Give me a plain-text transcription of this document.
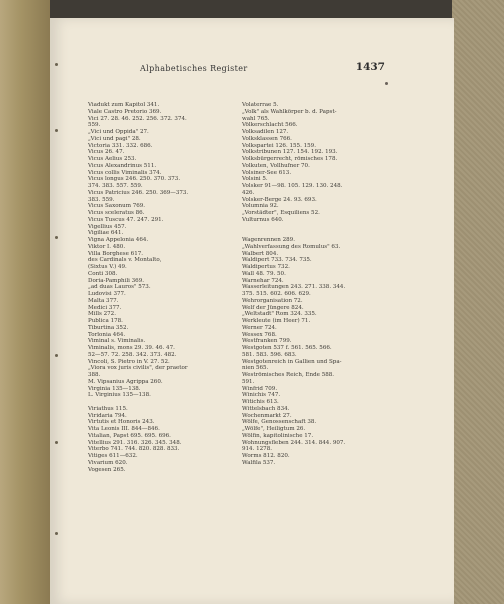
Alphabetisches Register	1437
Viadukt zum Kapitol 341.
Viale Castro Pretorio 369.
Vici 27. 28. 46. 252. 256. 372. 374.
559.
„Vici und Oppida" 27.
„Vici und pagi" 28.
Victoria 331. 332. 686.
Vicus 26. 47.
Vicus Aelius 253.
Vicus Alexandrinus 511.
Vicus collis Viminalis 374.
Vicus longus 246. 250. 370. 373.
374. 383. 557. 559.
Vicus Patricius 246. 250. 369—373.
383. 559.
Vicus Saxonum 769.
Vicus sceleratus 86.
Vicus Tuscus 47. 247. 291.
Vigellius 457.
Vigiliae 641.
Vigna Appelonia 464.
Viktor I. 480.
Villa Borghese 617.
des Cardinals v. Montalto,
(Sixtus V.) 49.
Conti 308.
Doria-Pamphili 369.
„ad duas Lauros" 573.
Ludovisi 377.
Malta 377.
Medici 377.
Mills 272.
Publica 178.
Tiburtina 352.
Torlonia 464.
Viminal s. Viminalis.
Viminalis, mons 29. 39. 46. 47.
52—57. 72. 258. 342. 373. 482.
Vincoli, S. Pietro in V. 27. 52.
„Viora vox juris civilis", der praetor
388.
M. Vipsanius Agrippa 260.
Virginia 135—138.
L. Virginius 135—138.
Viriathus 115.
Viridaria 794.
Virtutis et Honoris 243.
Vita Leonis III. 844—846.
Vitalian, Papst 695. 695. 696.
Vitellius 291. 316. 326. 345. 348.
Viterbo 741. 744. 820. 828. 833.
Vitiges 611—632.
Vivarium 620.
Vogesen 265.
Volaterrae 5.
„Volk" als Wahlkörper b. d. Papst-
wahl 765.
Völkerschlacht 566.
Volksadilen 127.
Volksklassen 766.
Volkspartei 126. 155. 159.
Volkstribunen 127. 154. 192. 193.
Volksbürgerrecht, römisches 178.
Volkuten, Vollhufner 70.
Volsiner-See 613.
Volsini 5.
Volsker 91—98. 105. 129. 130. 248.
426.
Volsker-Berge 24. 93. 693.
Volumnia 92.
„Vorstädter", Esquiliens 52.
Vulturnus 640.
Wagenrennen 289.
„Wahlverfassung des Romulus" 63.
Walbert 804.
Waldipert 733. 734. 735.
Waldipertus 732.
Wall 48. 79. 50.
Warnehar 724.
Wasserleitungen 243. 271. 338. 344.
375. 515. 602. 606. 629.
Wehrorganisation 72.
Welf der Jüngere 824.
„Weltstadt" Rom 324. 335.
Werkleute (im Heer) 71.
Werner 724.
Wessex 768.
Westfranken 799.
Westgoten 537 f. 561. 565. 566.
581. 583. 596. 683.
Westgotenreich in Gallien und Spa-
nien 565.
Weströmisches Reich, Ende 588.
591.
Winfrid 709.
Winichis 747.
Witichis 613.
Wittelsbach 834.
Wochenmarkt 27.
Wölfe, Genossenschaft 38.
„Wölfe", Heiligtum 26.
Wölfin, kapitolinische 17.
Wohnungsfleben 244. 314. 844. 907.
914. 1278.
Worms 812. 820.
Walfila 537.
